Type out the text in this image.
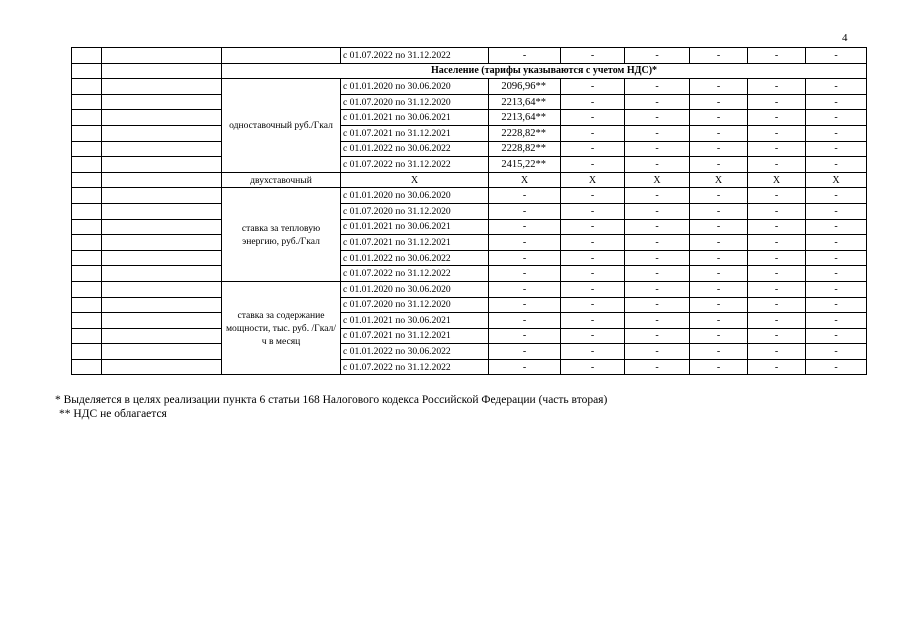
4
			с 01.07.2022 по 31.12.2022	-	-	-	-	-	-
		Население (тарифы указываются с учетом НДС)*							
		одноставочный руб./Гкал	с 01.01.2020 по 30.06.2020	2096,96**	-	-	-	-	-
			с 01.07.2020 по 31.12.2020	2213,64**	-	-	-	-	-
			с 01.01.2021 по 30.06.2021	2213,64**	-	-	-	-	-
			с 01.07.2021 по 31.12.2021	2228,82**	-	-	-	-	-
			с 01.01.2022 по 30.06.2022	2228,82**	-	-	-	-	-
			с 01.07.2022 по 31.12.2022	2415,22**	-	-	-	-	-
		двухставочный	Х	Х	Х	Х	Х	Х	Х
		ставка за тепловую энергию, руб./Гкал	с 01.01.2020 по 30.06.2020	-	-	-	-	-	-
			с 01.07.2020 по 31.12.2020	-	-	-	-	-	-
			с 01.01.2021 по 30.06.2021	-	-	-	-	-	-
			с 01.07.2021 по 31.12.2021	-	-	-	-	-	-
			с 01.01.2022 по 30.06.2022	-	-	-	-	-	-
			с 01.07.2022 по 31.12.2022	-	-	-	-	-	-
		ставка за содержание мощности, тыс. руб. /Гкал/ч в месяц	с 01.01.2020 по 30.06.2020	-	-	-	-	-	-
			с 01.07.2020 по 31.12.2020	-	-	-	-	-	-
			с 01.01.2021 по 30.06.2021	-	-	-	-	-	-
			с 01.07.2021 по 31.12.2021	-	-	-	-	-	-
			с 01.01.2022 по 30.06.2022	-	-	-	-	-	-
			с 01.07.2022 по 31.12.2022	-	-	-	-	-	-
* Выделяется в целях реализации пункта 6 статьи 168 Налогового кодекса Российской Федерации (часть вторая)
** НДС не облагается
